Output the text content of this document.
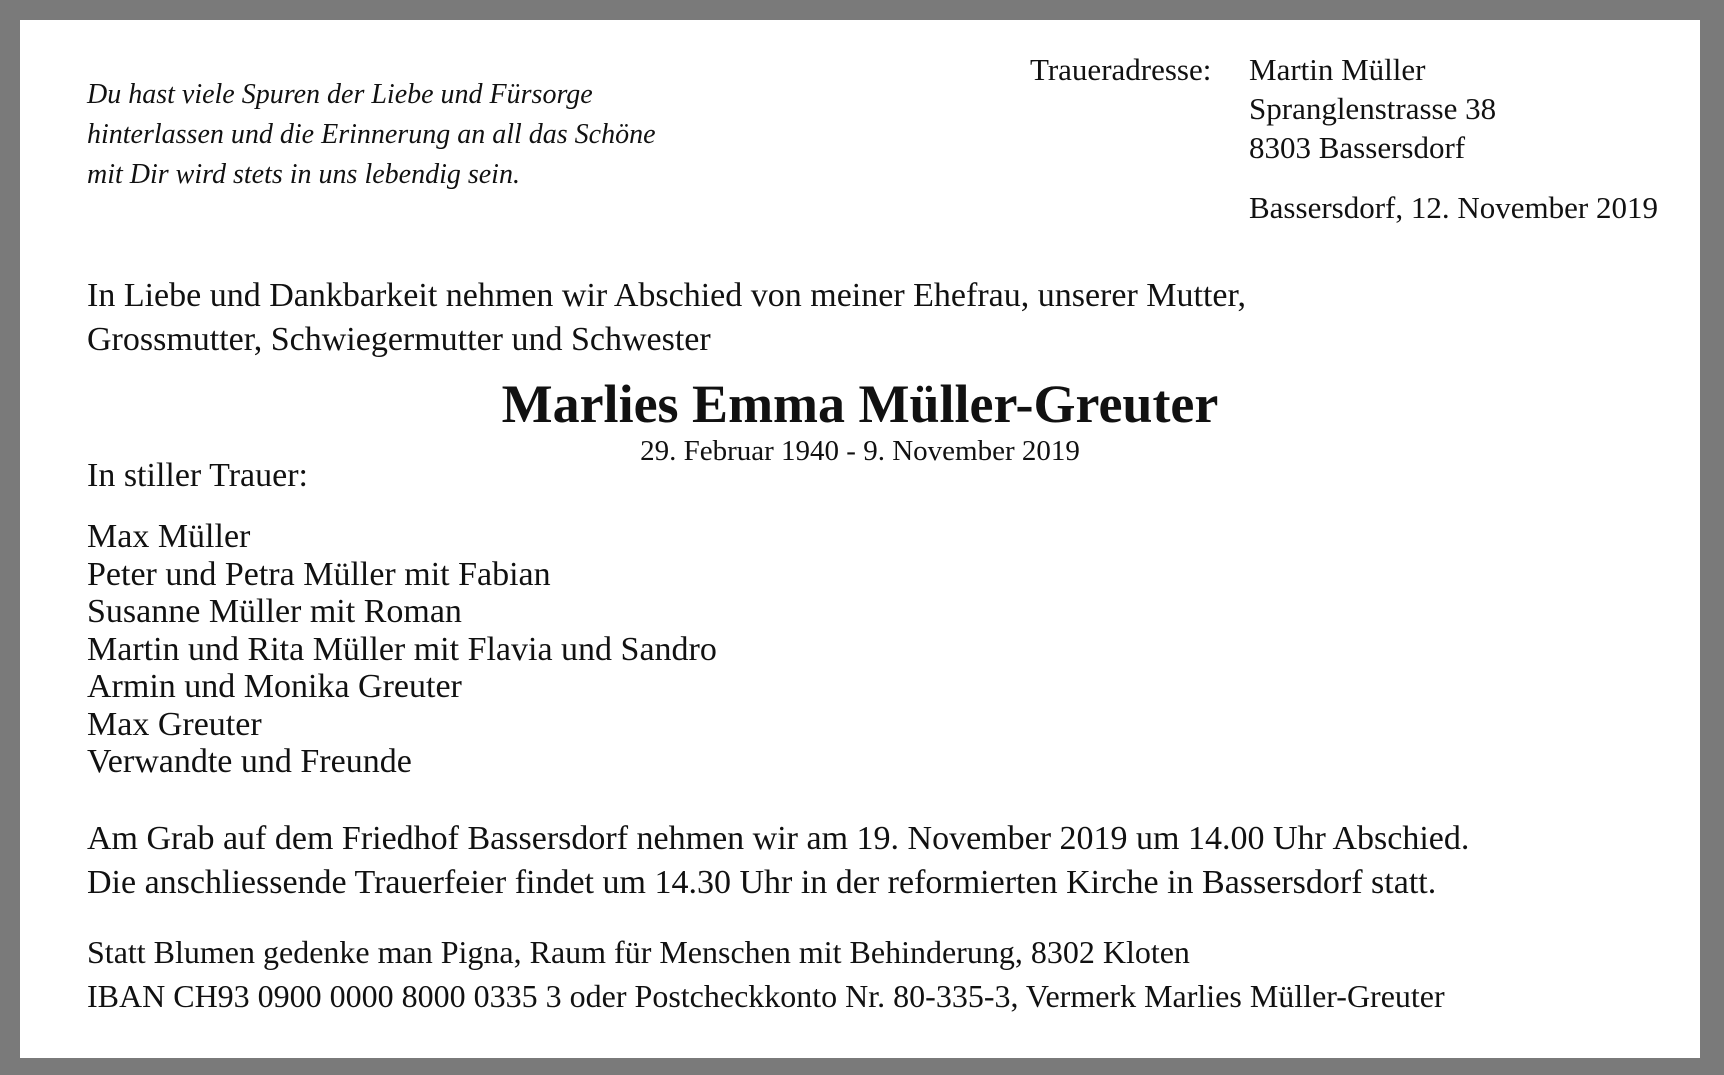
Du hast viele Spuren der Liebe und Fürsorge
hinterlassen und die Erinnerung an all das Schöne
mit Dir wird stets in uns lebendig sein.
Traueradresse: Martin Müller
Spranglenstrasse 38
8303 Bassersdorf
Bassersdorf, 12. November 2019
In Liebe und Dankbarkeit nehmen wir Abschied von meiner Ehefrau, unserer Mutter,
Grossmutter, Schwiegermutter und Schwester
Marlies Emma Müller-Greuter
29. Februar 1940 - 9. November 2019
In stiller Trauer:
Max Müller
Peter und Petra Müller mit Fabian
Susanne Müller mit Roman
Martin und Rita Müller mit Flavia und Sandro
Armin und Monika Greuter
Max Greuter
Verwandte und Freunde
Am Grab auf dem Friedhof Bassersdorf nehmen wir am 19. November 2019 um 14.00 Uhr Abschied.
Die anschliessende Trauerfeier findet um 14.30 Uhr in der reformierten Kirche in Bassersdorf statt.
Statt Blumen gedenke man Pigna, Raum für Menschen mit Behinderung, 8302 Kloten
IBAN CH93 0900 0000 8000 0335 3 oder Postcheckkonto Nr. 80-335-3, Vermerk Marlies Müller-Greuter
